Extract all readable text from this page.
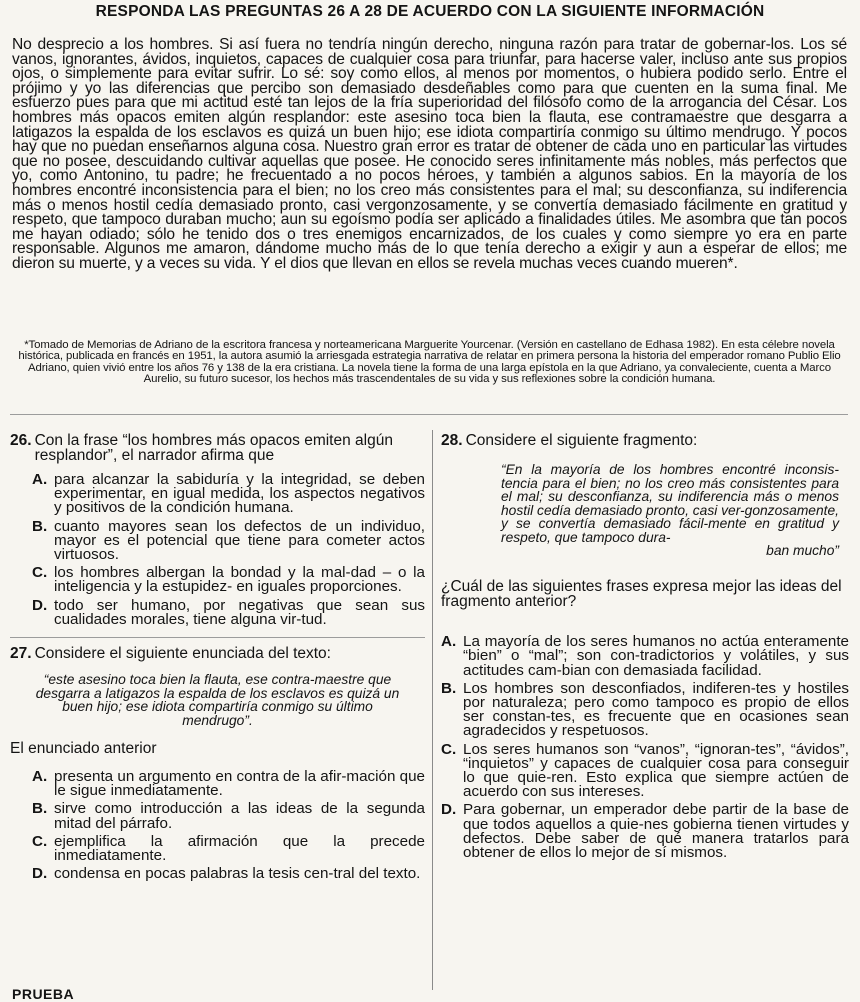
RESPONDA LAS PREGUNTAS 26 A 28 DE ACUERDO CON LA SIGUIENTE INFORMACIÓN
No desprecio a los hombres. Si así fuera no tendría ningún derecho, ninguna razón para tratar de gobernar-los. Los sé vanos, ignorantes, ávidos, inquietos, capaces de cualquier cosa para triunfar, para hacerse valer, incluso ante sus propios ojos, o simplemente para evitar sufrir. Lo sé: soy como ellos, al menos por momentos, o hubiera podido serlo. Entre el prójimo y yo las diferencias que percibo son demasiado desdeñables como para que cuenten en la suma final. Me esfuerzo pues para que mi actitud esté tan lejos de la fría superioridad del filósofo como de la arrogancia del César. Los hombres más opacos emiten algún resplandor: este asesino toca bien la flauta, ese contramaestre que desgarra a latigazos la espalda de los esclavos es quizá un buen hijo; ese idiota compartiría conmigo su último mendrugo. Y pocos hay que no puedan enseñarnos alguna cosa. Nuestro gran error es tratar de obtener de cada uno en particular las virtudes que no posee, descuidando cultivar aquellas que posee. He conocido seres infinitamente más nobles, más perfectos que yo, como Antonino, tu padre; he frecuentado a no pocos héroes, y también a algunos sabios. En la mayoría de los hombres encontré inconsistencia para el bien; no los creo más consistentes para el mal; su desconfianza, su indiferencia más o menos hostil cedía demasiado pronto, casi vergonzosamente, y se convertía demasiado fácilmente en gratitud y respeto, que tampoco duraban mucho; aun su egoísmo podía ser aplicado a finalidades útiles. Me asombra que tan pocos me hayan odiado; sólo he tenido dos o tres enemigos encarnizados, de los cuales y como siempre yo era en parte responsable. Algunos me amaron, dándome mucho más de lo que tenía derecho a exigir y aun a esperar de ellos; me dieron su muerte, y a veces su vida. Y el dios que llevan en ellos se revela muchas veces cuando mueren*.
*Tomado de Memorias de Adriano de la escritora francesa y norteamericana Marguerite Yourcenar. (Versión en castellano de Edhasa 1982). En esta célebre novela histórica, publicada en francés en 1951, la autora asumió la arriesgada estrategia narrativa de relatar en primera persona la historia del emperador romano Publio Elio Adriano, quien vivió entre los años 76 y 138 de la era cristiana. La novela tiene la forma de una larga epístola en la que Adriano, ya convaleciente, cuenta a Marco Aurelio, su futuro sucesor, los hechos más trascendentales de su vida y sus reflexiones sobre la condición humana.

26. Con la frase “los hombres más opacos emiten algún resplandor”, el narrador afirma que

A. para alcanzar la sabiduría y la integridad, se deben experimentar, en igual medida, los aspectos negativos y positivos de la condición humana.
B. cuanto mayores sean los defectos de un individuo, mayor es el potencial que tiene para cometer actos virtuosos.
C. los hombres albergan la bondad y la mal-dad – o la inteligencia y la estupidez- en iguales proporciones.
D. todo ser humano, por negativas que sean sus cualidades morales, tiene alguna vir-tud.

27. Considere el siguiente enunciada del texto:

“este asesino toca bien la flauta, ese contra-maestre que desgarra a latigazos la espalda de los esclavos es quizá un buen hijo; ese idiota compartiría conmigo su último mendrugo”.
El enunciado anterior
A. presenta un argumento en contra de la afir-mación que le sigue inmediatamente.
B. sirve como introducción a las ideas de la segunda mitad del párrafo.
C. ejemplifica la afirmación que la precede inmediatamente.
D. condensa en pocas palabras la tesis cen-tral del texto.

28. Considere el siguiente fragmento:

“En la mayoría de los hombres encontré inconsis-tencia para el bien; no los creo más consistentes para el mal; su desconfianza, su indiferencia más o menos hostil cedía demasiado pronto, casi ver-gonzosamente, y se convertía demasiado fácil-mente en gratitud y respeto, que tampoco dura-
ban mucho”
¿Cuál de las siguientes frases expresa mejor las ideas del fragmento anterior?
A. La mayoría de los seres humanos no actúa enteramente “bien” o “mal”; son con-tradictorios y volátiles, y sus actitudes cam-bian con demasiada facilidad.
B. Los hombres son desconfiados, indiferen-tes y hostiles por naturaleza; pero como tampoco es propio de ellos ser constan-tes, es frecuente que en ocasiones sean agradecidos y respetuosos.
C. Los seres humanos son “vanos”, “ignoran-tes”, “ávidos”, “inquietos” y capaces de cualquier cosa para conseguir lo que quie-ren. Esto explica que siempre actúen de acuerdo con sus intereses.
D. Para gobernar, un emperador debe partir de la base de que todos aquellos a quie-nes gobierna tienen virtudes y defectos. Debe saber de qué manera tratarlos para obtener de ellos lo mejor de sí mismos.
PRUEBA
